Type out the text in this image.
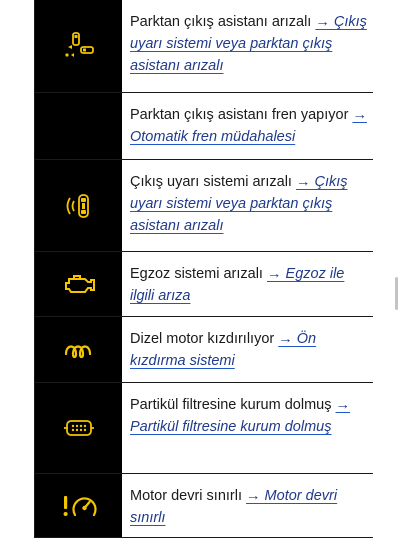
Parktan çıkış asistanı arızalı → Çıkış uyarı sistemi veya parktan çıkış asistanı arızalı
Parktan çıkış asistanı fren yapıyor → Otomatik fren müdahalesi
Çıkış uyarı sistemi arızalı → Çıkış uyarı sistemi veya parktan çıkış asistanı arızalı
Egzoz sistemi arızalı → Egzoz ile ilgili arıza
Dizel motor kızdırılıyor → Ön kızdırma sistemi
Partikül filtresine kurum dolmuş → Partikül filtresine kurum dolmuş
Motor devri sınırlı → Motor devri sınırlı
